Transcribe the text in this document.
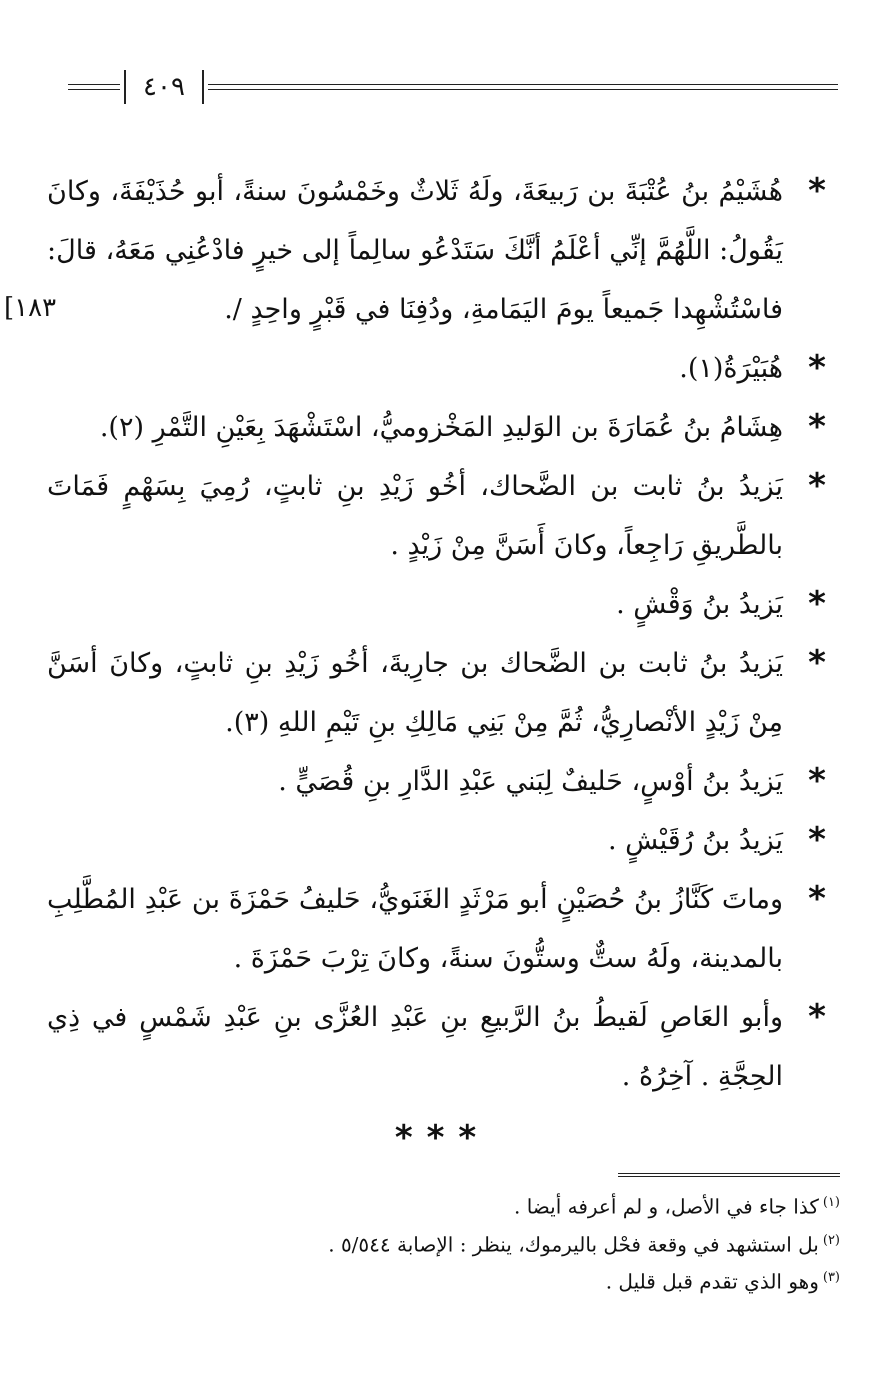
٤٠٩
١٨٣]
*
هُشَيْمُ بنُ عُتْبَةَ بن رَبيعَةَ، ولَهُ ثَلاثٌ وخَمْسُونَ سنةً، أبو حُذَيْفَةَ، وكانَ يَقُولُ: اللَّهُمَّ إنِّي أعْلَمُ أنَّكَ سَتَدْعُو سالِماً إلى خيرٍ فادْعُنِي مَعَهُ، قالَ: فاسْتُشْهِدا جَميعاً يومَ اليَمَامةِ، ودُفِنَا في قَبْرٍ واحِدٍ /.
*
هُبَيْرَةُ(١).
*
هِشَامُ بنُ عُمَارَةَ بن الوَليدِ المَخْزوميُّ، اسْتَشْهَدَ بِعَيْنِ التَّمْرِ (٢).
*
يَزيدُ بنُ ثابت بن الضَّحاك، أخُو زَيْدِ بنِ ثابتٍ، رُمِيَ بِسَهْمٍ فَمَاتَ بالطَّريقِ رَاجِعاً، وكانَ أَسَنَّ مِنْ زَيْدٍ .
*
يَزيدُ بنُ وَقْشٍ .
*
يَزيدُ بنُ ثابت بن الضَّحاك بن جارِيةَ، أخُو زَيْدِ بنِ ثابتٍ، وكانَ أسَنَّ مِنْ زَيْدٍ الأنْصارِيُّ، ثُمَّ مِنْ بَنِي مَالِكِ بنِ تَيْمِ اللهِ (٣).
*
يَزيدُ بنُ أوْسٍ، حَليفٌ لِبَني عَبْدِ الدَّارِ بنِ قُصَيٍّ .
*
يَزيدُ بنُ رُقَيْشٍ .
*
وماتَ كَنَّازُ بنُ حُصَيْنٍ أبو مَرْثَدٍ الغَنَويُّ، حَليفُ حَمْزَةَ بن عَبْدِ المُطَّلِبِ بالمدينة، ولَهُ ستٌّ وستُّونَ سنةً، وكانَ تِرْبَ حَمْزَةَ .
*
وأبو العَاصِ لَقيطُ بنُ الرَّبيعِ بنِ عَبْدِ العُزَّى بنِ عَبْدِ شَمْسٍ في ذِي الحِجَّةِ . آخِرُهُ .
***
$^{(١)}$كذا جاء في الأصل، و لم أعرفه أيضا .
$^{(٢)}$بل استشهد في وقعة فحْل باليرموك، ينظر : الإصابة ٥/٥٤٤ .
$^{(٣)}$وهو الذي تقدم قبل قليل .
